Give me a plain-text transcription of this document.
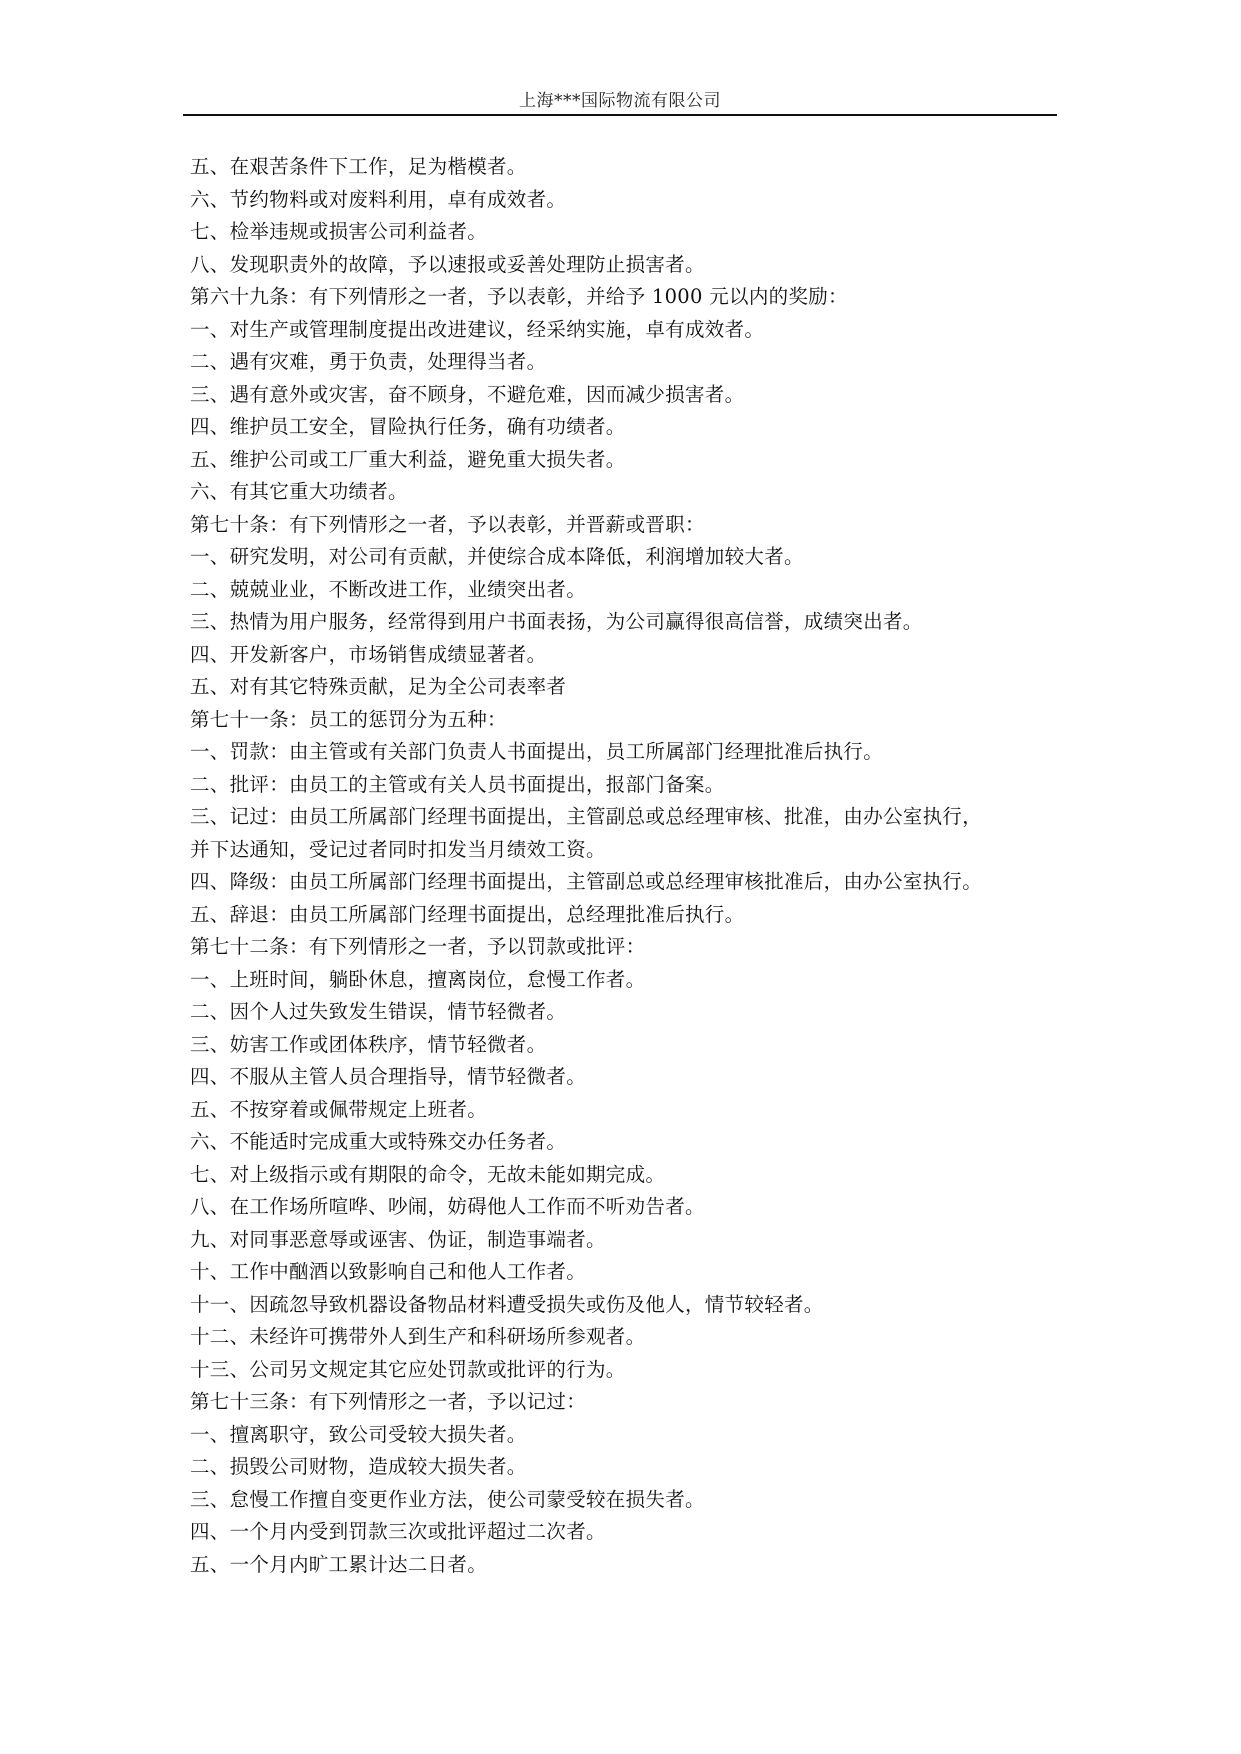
上海***国际物流有限公司
五、在艰苦条件下工作，足为楷模者。
六、节约物料或对废料利用，卓有成效者。
七、检举违规或损害公司利益者。
八、发现职责外的故障，予以速报或妥善处理防止损害者。
第六十九条：有下列情形之一者，予以表彰，并给予 1000 元以内的奖励：
一、对生产或管理制度提出改进建议，经采纳实施，卓有成效者。
二、遇有灾难，勇于负责，处理得当者。
三、遇有意外或灾害，奋不顾身，不避危难，因而减少损害者。
四、维护员工安全，冒险执行任务，确有功绩者。
五、维护公司或工厂重大利益，避免重大损失者。
六、有其它重大功绩者。
第七十条：有下列情形之一者，予以表彰，并晋薪或晋职：
一、研究发明，对公司有贡献，并使综合成本降低，利润增加较大者。
二、兢兢业业，不断改进工作，业绩突出者。
三、热情为用户服务，经常得到用户书面表扬，为公司赢得很高信誉，成绩突出者。
四、开发新客户，市场销售成绩显著者。
五、对有其它特殊贡献，足为全公司表率者
第七十一条：员工的惩罚分为五种：
一、罚款：由主管或有关部门负责人书面提出，员工所属部门经理批准后执行。
二、批评：由员工的主管或有关人员书面提出，报部门备案。
三、记过：由员工所属部门经理书面提出，主管副总或总经理审核、批准，由办公室执行，
并下达通知，受记过者同时扣发当月绩效工资。
四、降级：由员工所属部门经理书面提出，主管副总或总经理审核批准后，由办公室执行。
五、辞退：由员工所属部门经理书面提出，总经理批准后执行。
第七十二条：有下列情形之一者，予以罚款或批评：
一、上班时间，躺卧休息，擅离岗位，怠慢工作者。
二、因个人过失致发生错误，情节轻微者。
三、妨害工作或团体秩序，情节轻微者。
四、不服从主管人员合理指导，情节轻微者。
五、不按穿着或佩带规定上班者。
六、不能适时完成重大或特殊交办任务者。
七、对上级指示或有期限的命令，无故未能如期完成。
八、在工作场所喧哗、吵闹，妨碍他人工作而不听劝告者。
九、对同事恶意辱或诬害、伪证，制造事端者。
十、工作中酗酒以致影响自己和他人工作者。
十一、因疏忽导致机器设备物品材料遭受损失或伤及他人，情节较轻者。
十二、未经许可携带外人到生产和科研场所参观者。
十三、公司另文规定其它应处罚款或批评的行为。
第七十三条：有下列情形之一者，予以记过：
一、擅离职守，致公司受较大损失者。
二、损毁公司财物，造成较大损失者。
三、怠慢工作擅自变更作业方法，使公司蒙受较在损失者。
四、一个月内受到罚款三次或批评超过二次者。
五、一个月内旷工累计达二日者。
